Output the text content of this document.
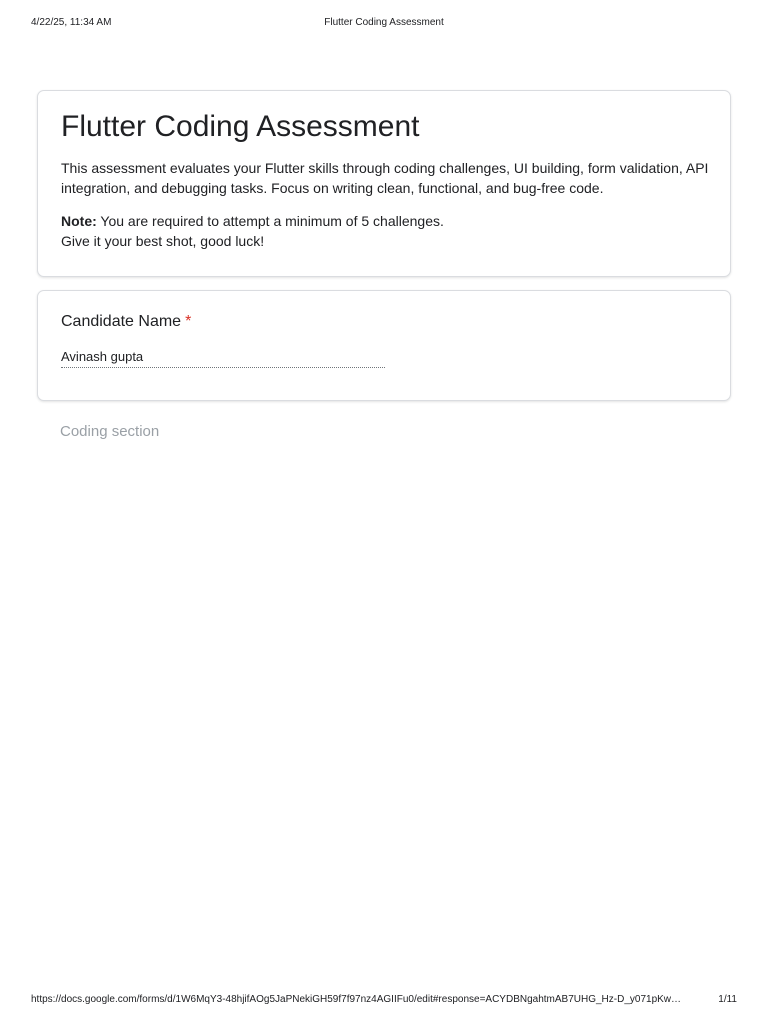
4/22/25, 11:34 AM	Flutter Coding Assessment
Flutter Coding Assessment

This assessment evaluates your Flutter skills through coding challenges, UI building, form validation, API integration, and debugging tasks. Focus on writing clean, functional, and bug-free code.

Note: You are required to attempt a minimum of 5 challenges.
Give it your best shot, good luck!

Candidate Name *
Avinash gupta
Coding section
https://docs.google.com/forms/d/1W6MqY3-48hjifAOg5JaPNekiGH59f7f97nz4AGIIFu0/edit#response=ACYDBNgahtmAB7UHG_Hz-D_y071pKw…	1/11
